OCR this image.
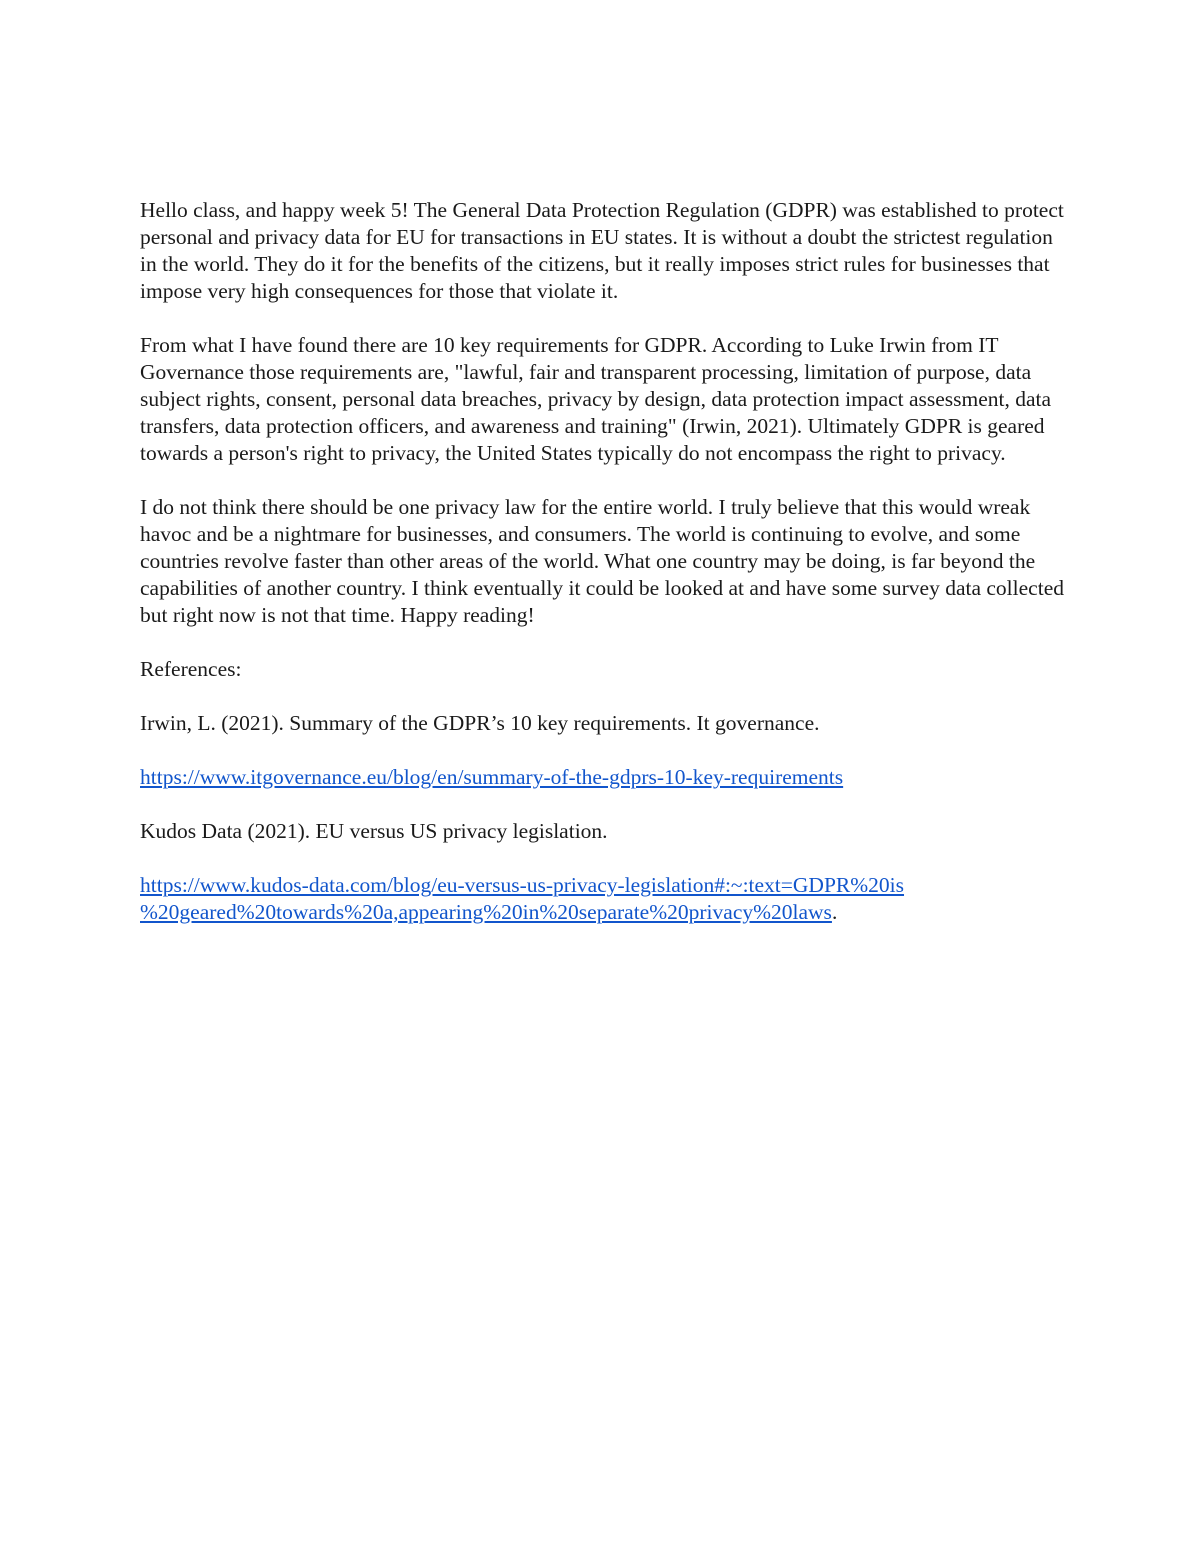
Hello class, and happy week 5! The General Data Protection Regulation (GDPR) was established to protect personal and privacy data for EU for transactions in EU states. It is without a doubt the strictest regulation in the world. They do it for the benefits of the citizens, but it really imposes strict rules for businesses that impose very high consequences for those that violate it.

From what I have found there are 10 key requirements for GDPR. According to Luke Irwin from IT Governance those requirements are, "lawful, fair and transparent processing, limitation of purpose, data subject rights, consent, personal data breaches, privacy by design, data protection impact assessment, data transfers, data protection officers, and awareness and training" (Irwin, 2021). Ultimately GDPR is geared towards a person's right to privacy, the United States typically do not encompass the right to privacy.

I do not think there should be one privacy law for the entire world. I truly believe that this would wreak havoc and be a nightmare for businesses, and consumers. The world is continuing to evolve, and some countries revolve faster than other areas of the world. What one country may be doing, is far beyond the capabilities of another country. I think eventually it could be looked at and have some survey data collected but right now is not that time. Happy reading!

References:

Irwin, L. (2021). Summary of the GDPR’s 10 key requirements. It governance.

https://www.itgovernance.eu/blog/en/summary-of-the-gdprs-10-key-requirements

Kudos Data (2021). EU versus US privacy legislation.

https://www.kudos-data.com/blog/eu-versus-us-privacy-legislation#:~:text=GDPR%20is
%20geared%20towards%20a,appearing%20in%20separate%20privacy%20laws.
